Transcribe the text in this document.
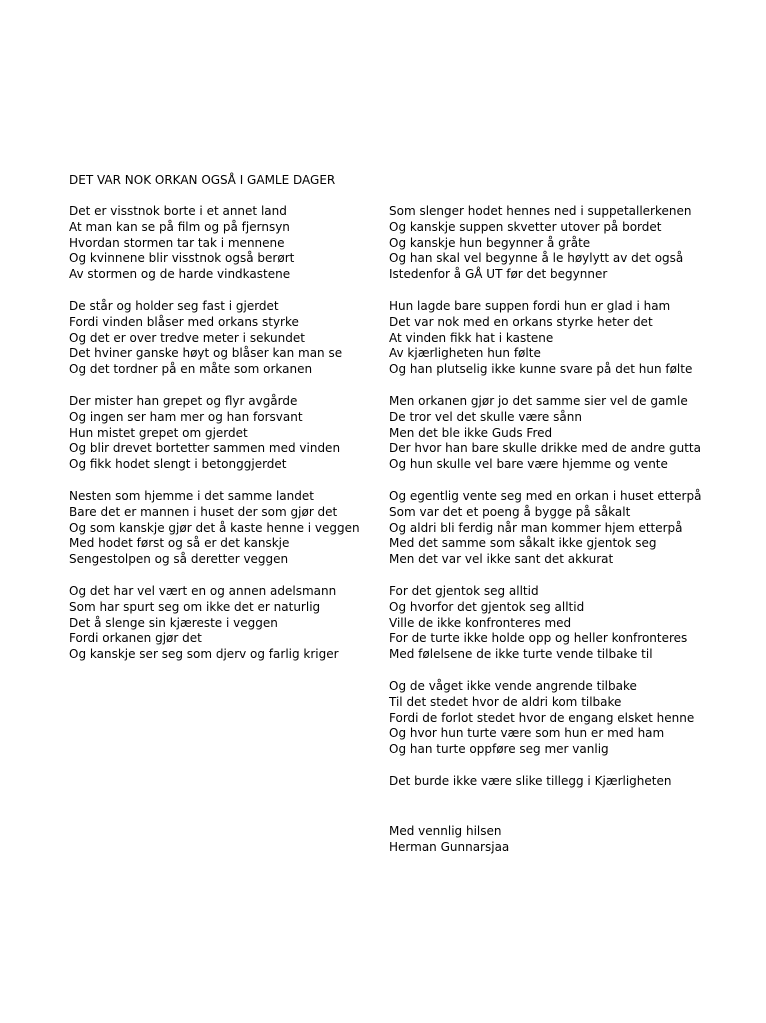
DET VAR NOK ORKAN OGSÅ I GAMLE DAGER
Det er visstnok borte i et annet land
At man kan se på film og på fjernsyn
Hvordan stormen tar tak i mennene
Og kvinnene blir visstnok også berørt
Av stormen og de harde vindkastene
De står og holder seg fast i gjerdet
Fordi vinden blåser med orkans styrke
Og det er over tredve meter i sekundet
Det hviner ganske høyt og blåser kan man se
Og det tordner på en måte som orkanen
Der mister han grepet og flyr avgårde
Og ingen ser ham mer og han forsvant
Hun mistet grepet om gjerdet
Og blir drevet bortetter sammen med vinden
Og fikk hodet slengt i betonggjerdet
Nesten som hjemme i det samme landet
Bare det er mannen i huset der som gjør det
Og som kanskje gjør det å kaste henne i veggen
Med hodet først og så er det kanskje
Sengestolpen og så deretter veggen
Og det har vel vært en og annen adelsmann
Som har spurt seg om ikke det er naturlig
Det å slenge sin kjæreste i veggen
Fordi orkanen gjør det
Og kanskje ser seg som djerv og farlig kriger
Som slenger hodet hennes ned i suppetallerkenen
Og kanskje suppen skvetter utover på bordet
Og kanskje hun begynner å gråte
Og han skal vel begynne å le høylytt av det også
Istedenfor å GÅ UT før det begynner
Hun lagde bare suppen fordi hun er glad i ham
Det var nok med en orkans styrke heter det
At vinden fikk hat i kastene
Av kjærligheten hun følte
Og han plutselig ikke kunne svare på det hun følte
Men orkanen gjør jo det samme sier vel de gamle
De tror vel det skulle være sånn
Men det ble ikke Guds Fred
Der hvor han bare skulle drikke med de andre gutta
Og hun skulle vel bare være hjemme og vente
Og egentlig vente seg med en orkan i huset etterpå
Som var det et poeng å bygge på såkalt
Og aldri bli ferdig når man kommer hjem etterpå
Med det samme som såkalt ikke gjentok seg
Men det var vel ikke sant det akkurat
For det gjentok seg alltid
Og hvorfor det gjentok seg alltid
Ville de ikke konfronteres med
For de turte ikke holde opp og heller konfronteres
Med følelsene de ikke turte vende tilbake til
Og de våget ikke vende angrende tilbake
Til det stedet hvor de aldri kom tilbake
Fordi de forlot stedet hvor de engang elsket henne
Og hvor hun turte være som hun er med ham
Og han turte oppføre seg mer vanlig
Det burde ikke være slike tillegg i Kjærligheten
Med vennlig hilsen
Herman Gunnarsjaa
